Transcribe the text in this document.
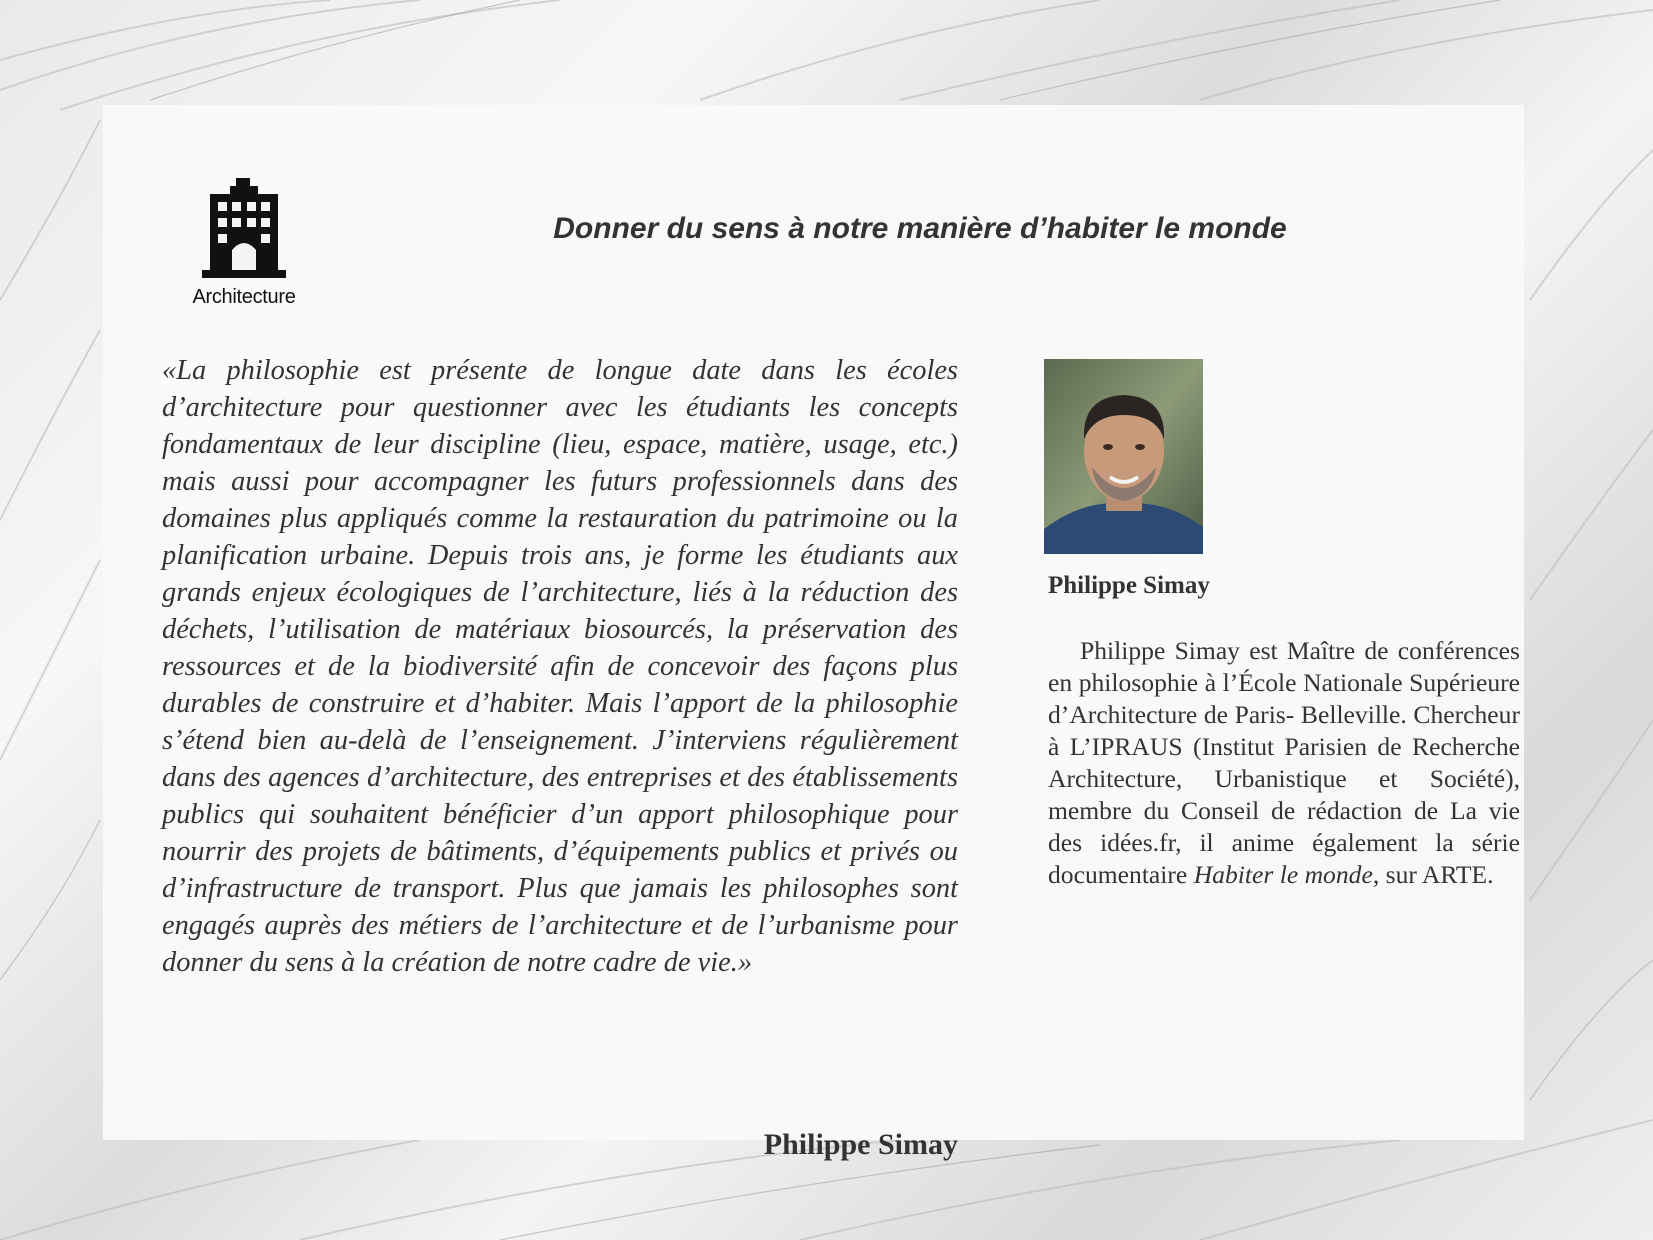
Architecture
Donner du sens à notre manière d’habiter le monde

«La philosophie est présente de longue date dans les écoles d’architecture pour questionner avec les étudiants les concepts fondamentaux de leur discipline (lieu, espace, matière, usage, etc.) mais aussi pour accompagner les futurs professionnels dans des domaines plus appliqués comme la restauration du patrimoine ou la planification urbaine. Depuis trois ans, je forme les étudiants aux grands enjeux écologiques de l’architecture, liés à la réduction des déchets, l’utilisation de matériaux biosourcés, la préservation des ressources et de la biodiversité afin de concevoir des façons plus durables de construire et d’habiter. Mais l’apport de la philosophie s’étend bien au-delà de l’enseignement. J’interviens régulièrement dans des agences d’architecture, des entreprises et des établissements publics qui souhaitent bénéficier d’un apport philosophique pour nourrir des projets de bâtiments, d’équipements publics et privés ou d’infrastructure de transport. Plus que jamais les philosophes sont engagés auprès des métiers de l’architecture et de l’urbanisme pour donner du sens à la création de notre cadre de vie.»

Philippe Simay
Philippe Simay

Philippe Simay est Maître de conférences en philosophie à l’École Nationale Supérieure d’Architecture de Paris- Belleville. Chercheur à L’IPRAUS (Institut Parisien de Recherche Architecture, Urbanistique et Société), membre du Conseil de rédaction de La vie des idées.fr, il anime également la série documentaire Habiter le monde, sur ARTE.
